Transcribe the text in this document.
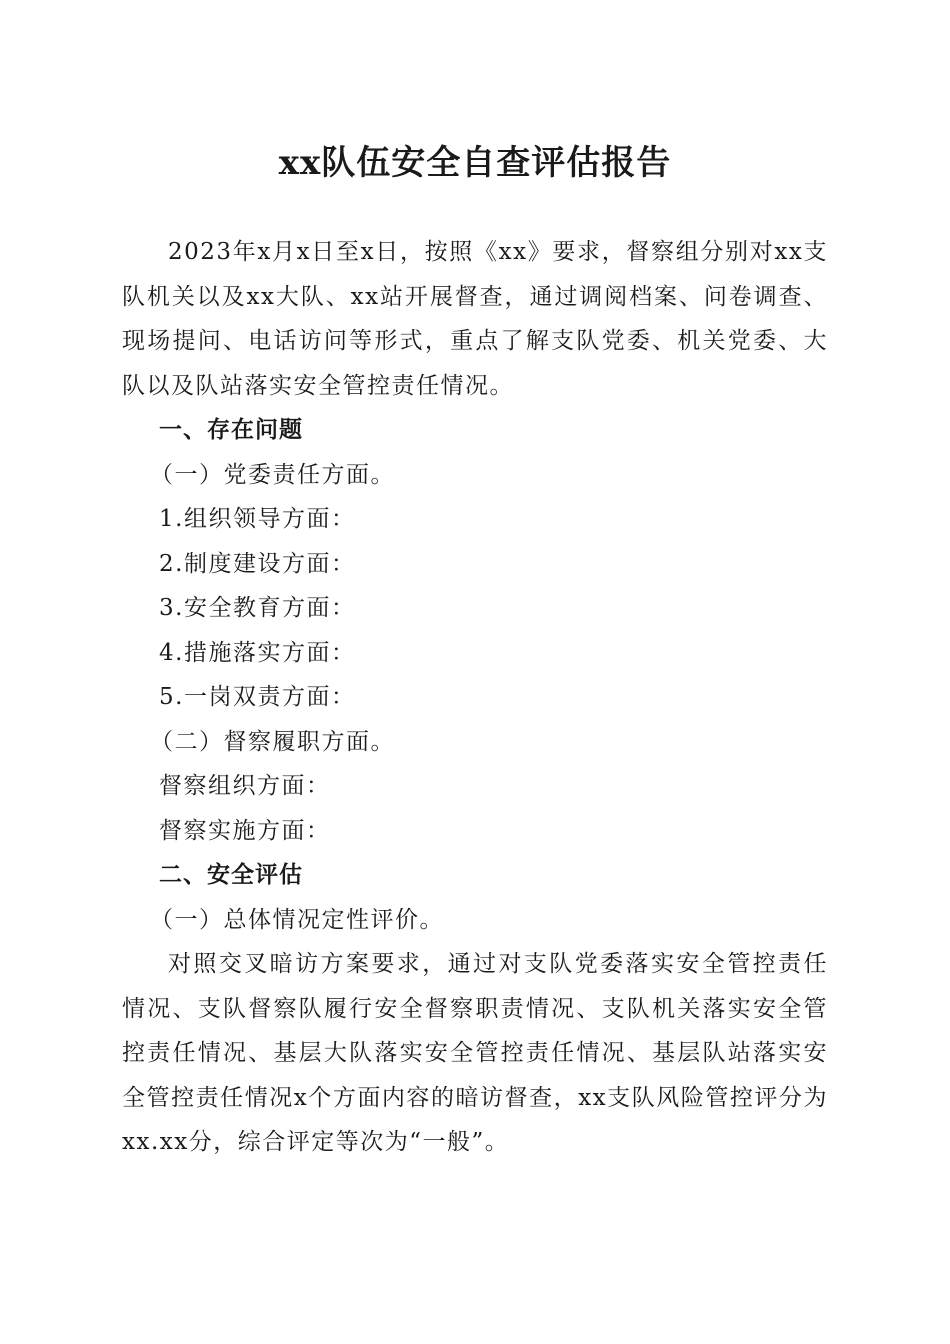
xx队伍安全自查评估报告

2023年x月x日至x日，按照《xx》要求，督察组分别对xx支队机关以及xx大队、xx站开展督查，通过调阅档案、问卷调查、现场提问、电话访问等形式，重点了解支队党委、机关党委、大队以及队站落实安全管控责任情况。

一、存在问题

（一）党委责任方面。

1.组织领导方面：

2.制度建设方面：

3.安全教育方面：

4.措施落实方面：

5.一岗双责方面：

（二）督察履职方面。

督察组织方面：

督察实施方面：

二、安全评估

（一）总体情况定性评价。

对照交叉暗访方案要求，通过对支队党委落实安全管控责任情况、支队督察队履行安全督察职责情况、支队机关落实安全管控责任情况、基层大队落实安全管控责任情况、基层队站落实安全管控责任情况x个方面内容的暗访督查，xx支队风险管控评分为xx.xx分，综合评定等次为“一般”。
